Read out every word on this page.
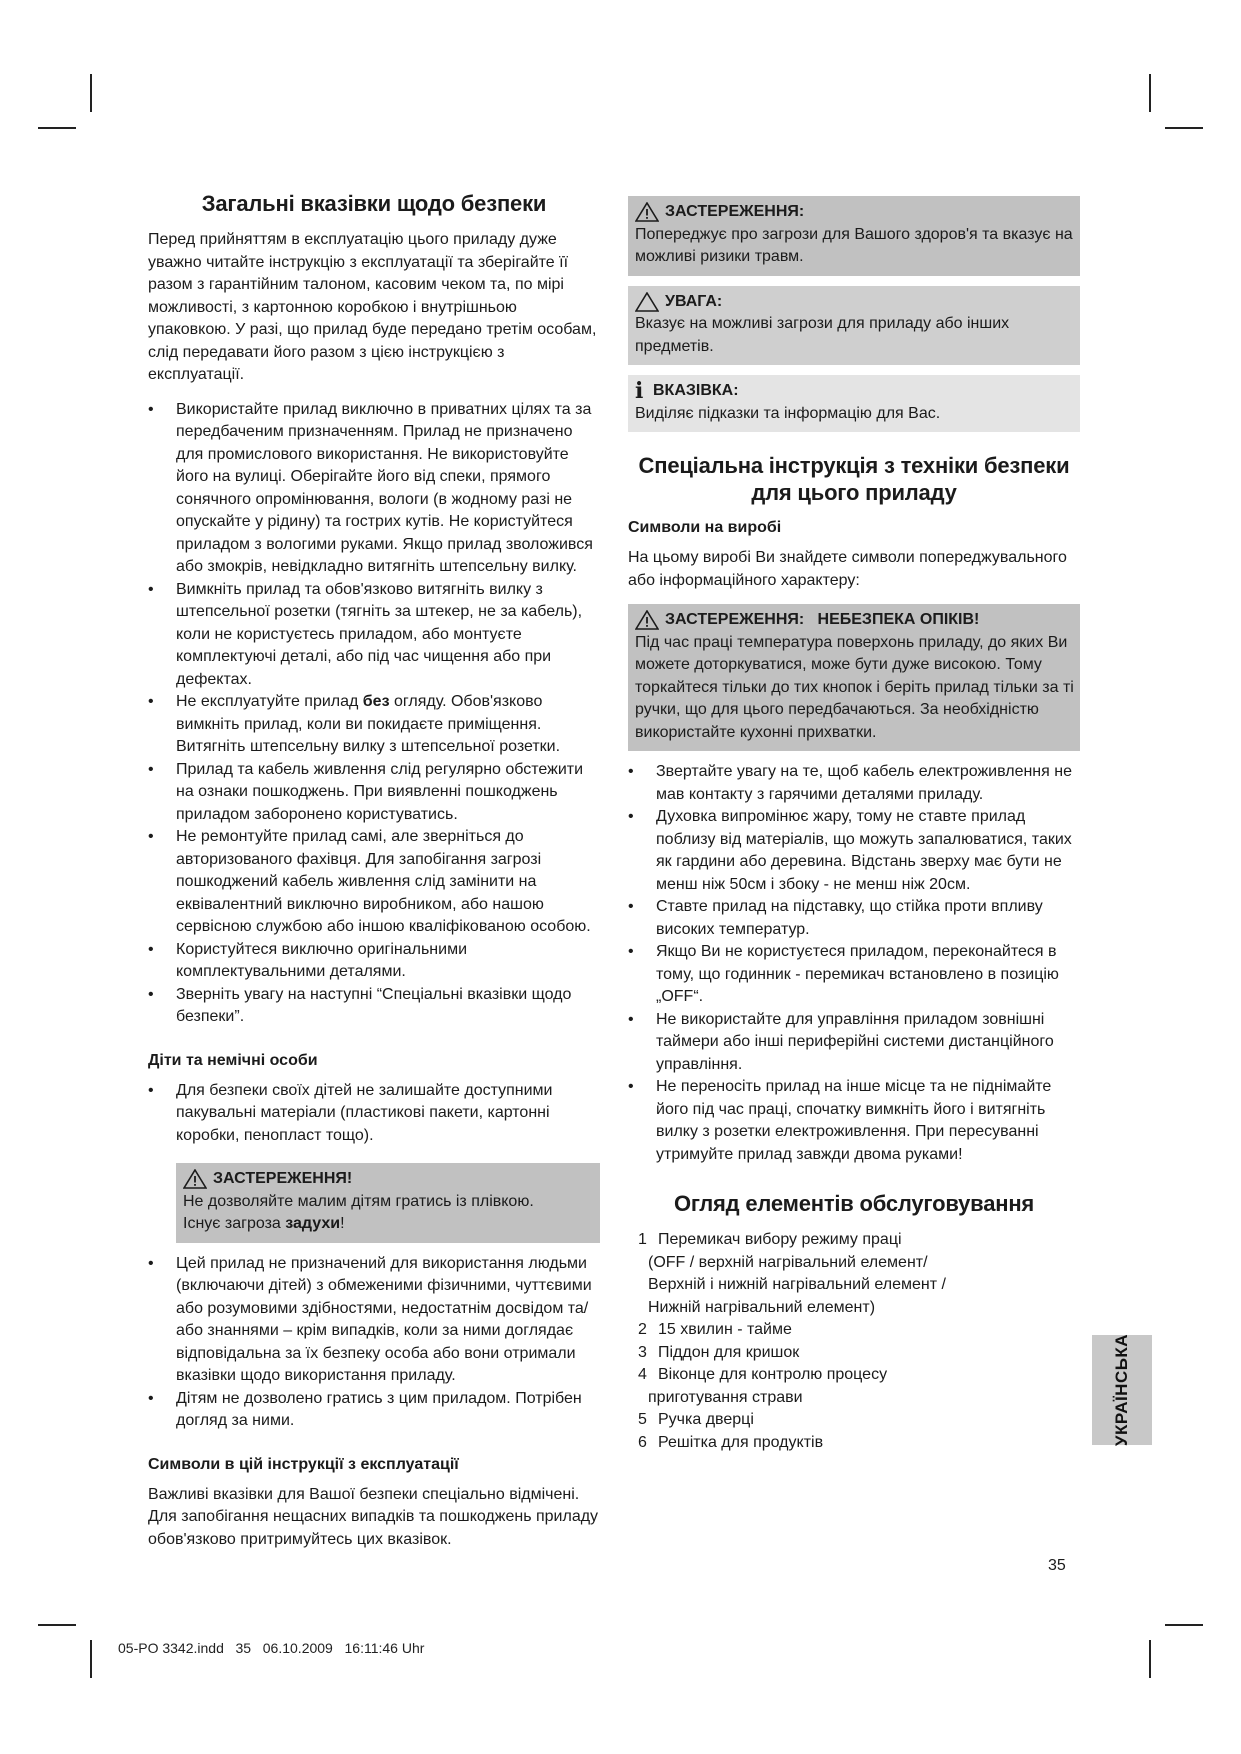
Загальні вказівки щодо безпеки

Перед прийняттям в експлуатацію цього приладу дуже уважно читайте інструкцію з експлуатації та зберігайте її разом з гарантійним талоном, касовим чеком та, по мірі можливості, з картонною коробкою і внутрішньою упаковкою. У разі, що прилад буде передано третім особам, слід передавати його разом з цією інструкцією з експлуатації.

• Використайте прилад виключно в приватних цілях та за передбаченим призначенням. Прилад не призначено для промислового використання. Не використовуйте його на вулиці. Оберігайте його від спеки, прямого сонячного опромінювання, вологи (в жодному разі не опускайте у рідину) та гострих кутів. Не користуйтеся приладом з вологими руками. Якщо прилад зволожився або змокрів, невідкладно витягніть штепсельну вилку.
• Вимкніть прилад та обов'язково витягніть вилку з штепсельної розетки (тягніть за штекер, не за кабель), коли не користуєтесь приладом, або монтуєте комплектуючі деталі, або під час чищення або при дефектах.
• Не експлуатуйте прилад без огляду. Обов'язково вимкніть прилад, коли ви покидаєте приміщення. Витягніть штепсельну вилку з штепсельної розетки.
• Прилад та кабель живлення слід регулярно обстежити на ознаки пошкоджень. При виявленні пошкоджень приладом заборонено користуватись.
• Не ремонтуйте прилад самі, але зверніться до авторизованого фахівця. Для запобігання загрозі пошкоджений кабель живлення слід замінити на еквівалентний виключно виробником, або нашою сервісною службою або іншою кваліфікованою особою.
• Користуйтеся виключно оригінальними комплектувальними деталями.
• Зверніть увагу на наступні “Спеціальні вказівки щодо безпеки”.
Діти та немічні особи
• Для безпеки своїх дітей не залишайте доступними пакувальні матеріали (пластикові пакети, картонні коробки, пенопласт тощо).
ЗАСТЕРЕЖЕННЯ!
Не дозволяйте малим дітям гратись із плівкою.
Існує загроза задухи!
• Цей прилад не призначений для використання людьми (включаючи дітей) з обмеженими фізичними, чуттєвими або розумовими здібностями, недостатнім досвідом та/ або знаннями – крім випадків, коли за ними доглядає відповідальна за їх безпеку особа або вони отримали вказівки щодо використання приладу.
• Дітям не дозволено гратись з цим приладом. Потрібен догляд за ними.
Символи в цій інструкції з експлуатації

Важливі вказівки для Вашої безпеки спеціально відмічені. Для запобігання нещасних випадків та пошкоджень приладу обов'язково притримуйтесь цих вказівок.

ЗАСТЕРЕЖЕННЯ:
Попереджує про загрози для Вашого здоров'я та вказує на можливі ризики травм.
УВАГА:
Вказує на можливі загрози для приладу або інших предметів.
i ВКАЗІВКА:
Виділяє підказки та інформацію для Вас.
Спеціальна інструкція з техніки безпеки для цього приладу
Символи на виробі

На цьому виробі Ви знайдете символи попереджувального або інформаційного характеру:

ЗАСТЕРЕЖЕННЯ:   НЕБЕЗПЕКА ОПІКІВ!
Під час праці температура поверхонь приладу, до яких Ви можете доторкуватися, може бути дуже високою. Тому торкайтеся тільки до тих кнопок і беріть прилад тільки за ті ручки, що для цього передбачаються. За необхідністю використайте кухонні прихватки.
• Звертайте увагу на те, щоб кабель електроживлення не мав контакту з гарячими деталями приладу.
• Духовка випромінює жару, тому не ставте прилад поблизу від матеріалів, що можуть запалюватися, таких як гардини або деревина. Відстань зверху має бути не менш ніж 50см і збоку - не менш ніж 20см.
• Ставте прилад на підставку, що стійка проти впливу високих температур.
• Якщо Ви не користуєтеся приладом, переконайтеся в тому, що годинник - перемикач встановлено в позицію „OFF“.
• Не використайте для управління приладом зовнішні таймери або інші периферійні системи дистанційного управління.
• Не переносіть прилад на інше місце та не піднімайте його під час праці, спочатку вимкніть його і витягніть вилку з розетки електроживлення. При пересуванні утримуйте прилад завжди двома руками!
Огляд елементів обслуговування
1 Перемикач вибору режиму праці
(OFF / верхній нагрівальний елемент/
Верхній і нижній нагрівальний елемент /
Нижній нагрівальний елемент)
2 15 хвилин - тайме
3 Піддон для кришок
4 Віконце для контролю процесу
приготування страви
5 Ручка дверці
6 Решітка для продуктів	УКРАЇНСЬКА
35
05-PO 3342.indd   35   06.10.2009   16:11:46 Uhr
